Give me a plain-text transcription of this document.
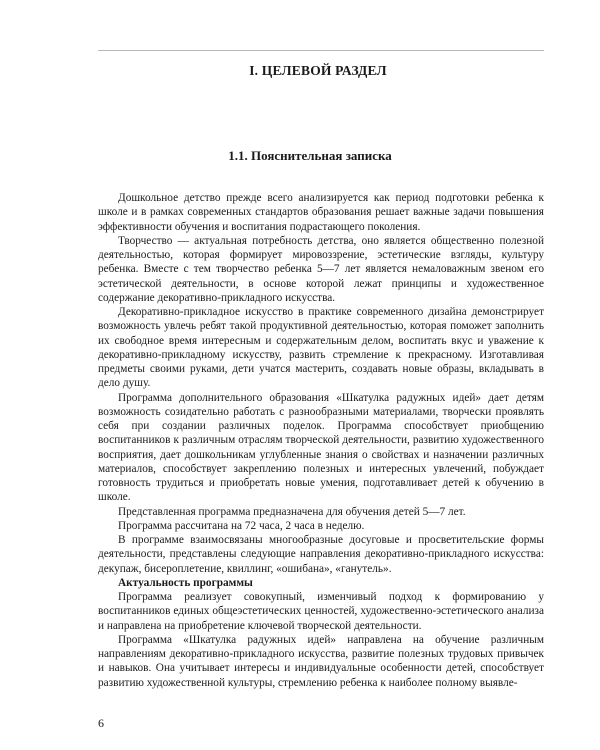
I. ЦЕЛЕВОЙ РАЗДЕЛ
1.1. Пояснительная записка

Дошкольное детство прежде всего анализируется как период подготовки ребенка к школе и в рамках современных стандартов образования решает важные задачи повышения эффективности обучения и воспитания подрастающего поколения.

Творчество — актуальная потребность детства, оно является общественно полезной деятельностью, которая формирует мировоззрение, эстетические взгляды, культуру ребенка. Вместе с тем творчество ребенка 5—7 лет является немаловажным звеном его эстетической деятельности, в основе которой лежат принципы и художественное содержание декоративно-прикладного искусства.

Декоративно-прикладное искусство в практике современного дизайна демонстрирует возможность увлечь ребят такой продуктивной деятельностью, которая поможет заполнить их свободное время интересным и содержательным делом, воспитать вкус и уважение к декоративно-прикладному искусству, развить стремление к прекрасному. Изготавливая предметы своими руками, дети учатся мастерить, создавать новые образы, вкладывать в дело душу.

Программа дополнительного образования «Шкатулка радужных идей» дает детям возможность созидательно работать с разнообразными материалами, творчески проявлять себя при создании различных поделок. Программа способствует приобщению воспитанников к различным отраслям творческой деятельности, развитию художественного восприятия, дает дошкольникам углубленные знания о свойствах и назначении различных материалов, способствует закреплению полезных и интересных увлечений, побуждает готовность трудиться и приобретать новые умения, подготавливает детей к обучению в школе.

Представленная программа предназначена для обучения детей 5—7 лет.

Программа рассчитана на 72 часа, 2 часа в неделю.

В программе взаимосвязаны многообразные досуговые и просветительские формы деятельности, представлены следующие направления декоративно-прикладного искусства: декупаж, бисероплетение, квиллинг, «ошибана», «ганутель».

Актуальность программы

Программа реализует совокупный, изменчивый подход к формированию у воспитанников единых общеэстетических ценностей, художественно-эстетического анализа и направлена на приобретение ключевой творческой деятельности.

Программа «Шкатулка радужных идей» направлена на обучение различным направлениям декоративно-прикладного искусства, развитие полезных трудовых привычек и навыков. Она учитывает интересы и индивидуальные особенности детей, способствует развитию художественной культуры, стремлению ребенка к наиболее полному выявле-

6
